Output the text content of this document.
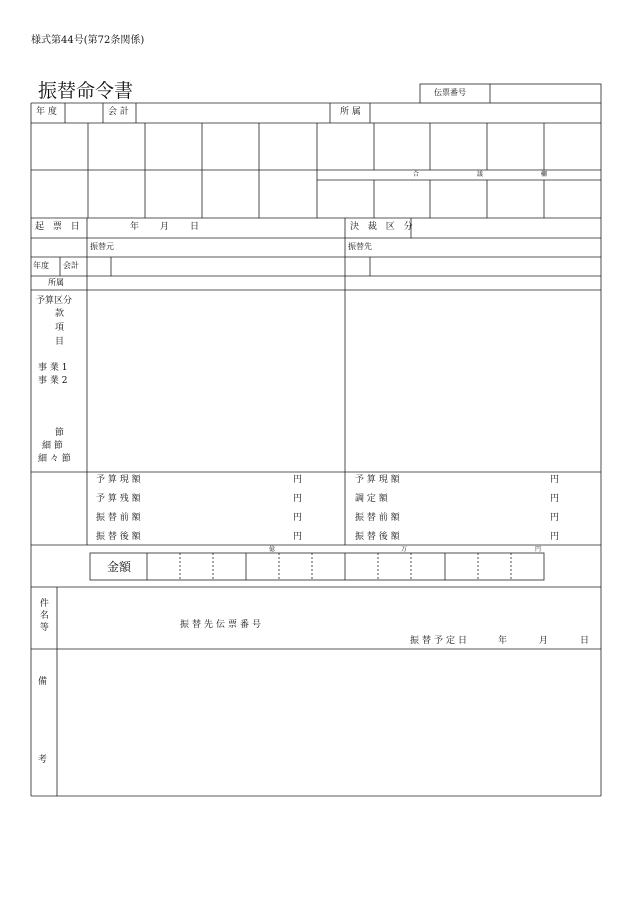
様式第44号(第72条関係)
振替命令書	伝票番号
年 度	会 計	所 属
合 議 欄
起 票 日	年 月 日	決 裁 区 分
振替元	振替先
年度 会計
所属
予算区分
款
項
目
事 業 1
事 業 2
節
細 節
細 々 節
予 算 現 額	円
予 算 残 額	円
振 替 前 額	円
振 替 後 額	円
予 算 現 額	円
調 定 額	円
振 替 前 額	円
振 替 後 額	円
億	万	円
金額
件名等	振替先伝票番号
振替予定日	年	月	日
備
考
